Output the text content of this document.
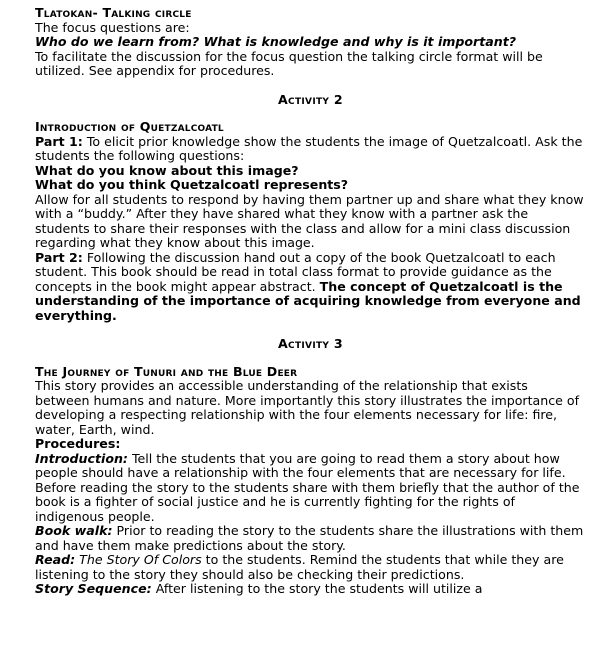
Tlatokan- Talking circle

The focus questions are:

Who do we learn from? What is knowledge and why is it important?

To facilitate the discussion for the focus question the talking circle format will be utilized. See appendix for procedures.

Activity 2

Introduction of Quetzalcoatl

Part 1: To elicit prior knowledge show the students the image of Quetzalcoatl. Ask the students the following questions:

What do you know about this image?

What do you think Quetzalcoatl represents?

Allow for all students to respond by having them partner up and share what they know with a “buddy.” After they have shared what they know with a partner ask the students to share their responses with the class and allow for a mini class discussion regarding what they know about this image.

Part 2: Following the discussion hand out a copy of the book Quetzalcoatl to each student. This book should be read in total class format to provide guidance as the concepts in the book might appear abstract. The concept of Quetzalcoatl is the understanding of the importance of acquiring knowledge from everyone and everything.

Activity 3

The Journey of Tunuri and the Blue Deer

This story provides an accessible understanding of the relationship that exists between humans and nature. More importantly this story illustrates the importance of developing a respecting relationship with the four elements necessary for life: fire, water, Earth, wind.

Procedures:

Introduction: Tell the students that you are going to read them a story about how people should have a relationship with the four elements that are necessary for life. Before reading the story to the students share with them briefly that the author of the book is a fighter of social justice and he is currently fighting for the rights of indigenous people.

Book walk: Prior to reading the story to the students share the illustrations with them and have them make predictions about the story.

Read: The Story Of Colors to the students. Remind the students that while they are listening to the story they should also be checking their predictions.

Story Sequence: After listening to the story the students will utilize a
